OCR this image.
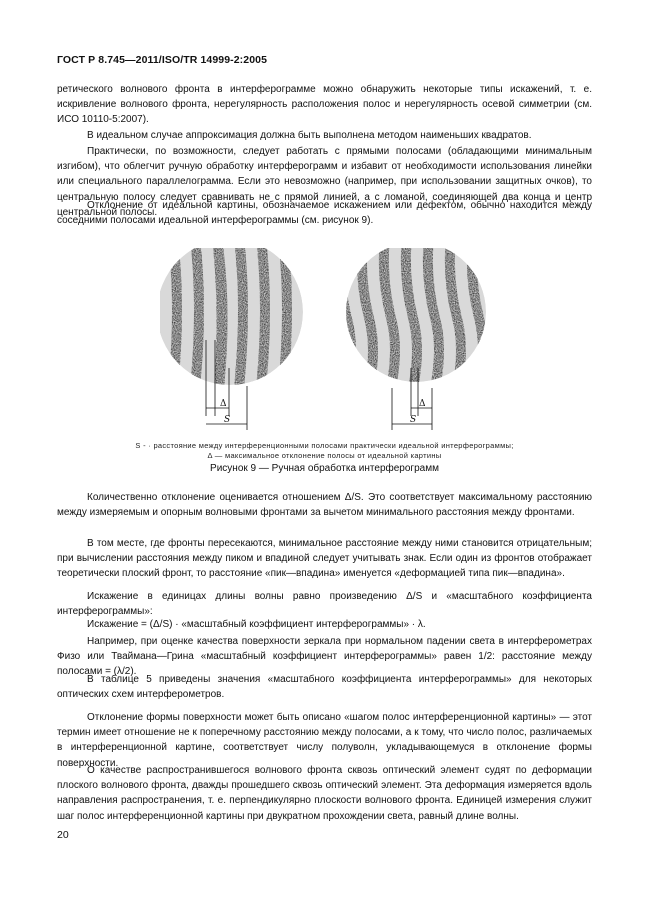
ГОСТ Р 8.745—2011/ISO/TR 14999-2:2005
ретического волнового фронта в интерферограмме можно обнаружить некоторые типы искажений, т. е. искривление волнового фронта, нерегулярность расположения полос и нерегулярность осевой симметрии (см. ИСО 10110-5:2007).
В идеальном случае аппроксимация должна быть выполнена методом наименьших квадратов.
Практически, по возможности, следует работать с прямыми полосами (обладающими минимальным изгибом), что облегчит ручную обработку интерферограмм и избавит от необходимости использования линейки или специального параллелограмма. Если это невозможно (например, при использовании защитных очков), то центральную полосу следует сравнивать не с прямой линией, а с ломаной, соединяющей два конца и центр центральной полосы.
Отклонение от идеальной картины, обозначаемое искажением или дефектом, обычно находится между соседними полосами идеальной интерферограммы (см. рисунок 9).
Δ
S
Δ
S
S - · расстояние между интерференционными полосами практически идеальной интерферограммы;
Δ — максимальное отклонение полосы от идеальной картины
Рисунок 9 — Ручная обработка интерферограмм
Количественно отклонение оценивается отношением Δ/S. Это соответствует максимальному расстоянию между измеряемым и опорным волновыми фронтами за вычетом минимального расстояния между фронтами.
В том месте, где фронты пересекаются, минимальное расстояние между ними становится отрицательным; при вычислении расстояния между пиком и впадиной следует учитывать знак. Если один из фронтов отображает теоретически плоский фронт, то расстояние «пик—впадина» именуется «деформацией типа пик—впадина».
Искажение в единицах длины волны равно произведению Δ/S и «масштабного коэффициента интерферограммы»:
Искажение = (Δ/S) · «масштабный коэффициент интерферограммы» · λ.
Например, при оценке качества поверхности зеркала при нормальном падении света в интерферометрах Физо или Тваймана—Грина «масштабный коэффициент интерферограммы» равен 1/2: расстояние между полосами = (λ/2).
В таблице 5 приведены значения «масштабного коэффициента интерферограммы» для некоторых оптических схем интерферометров.
Отклонение формы поверхности может быть описано «шагом полос интерференционной картины» — этот термин имеет отношение не к поперечному расстоянию между полосами, а к тому, что число полос, различаемых в интерференционной картине, соответствует числу полуволн, укладывающемуся в отклонение формы поверхности.
О качестве распространившегося волнового фронта сквозь оптический элемент судят по деформации плоского волнового фронта, дважды прошедшего сквозь оптический элемент. Эта деформация измеряется вдоль направления распространения, т. е. перпендикулярно плоскости волнового фронта. Единицей измерения служит шаг полос интерференционной картины при двукратном прохождении света, равный длине волны.
20
